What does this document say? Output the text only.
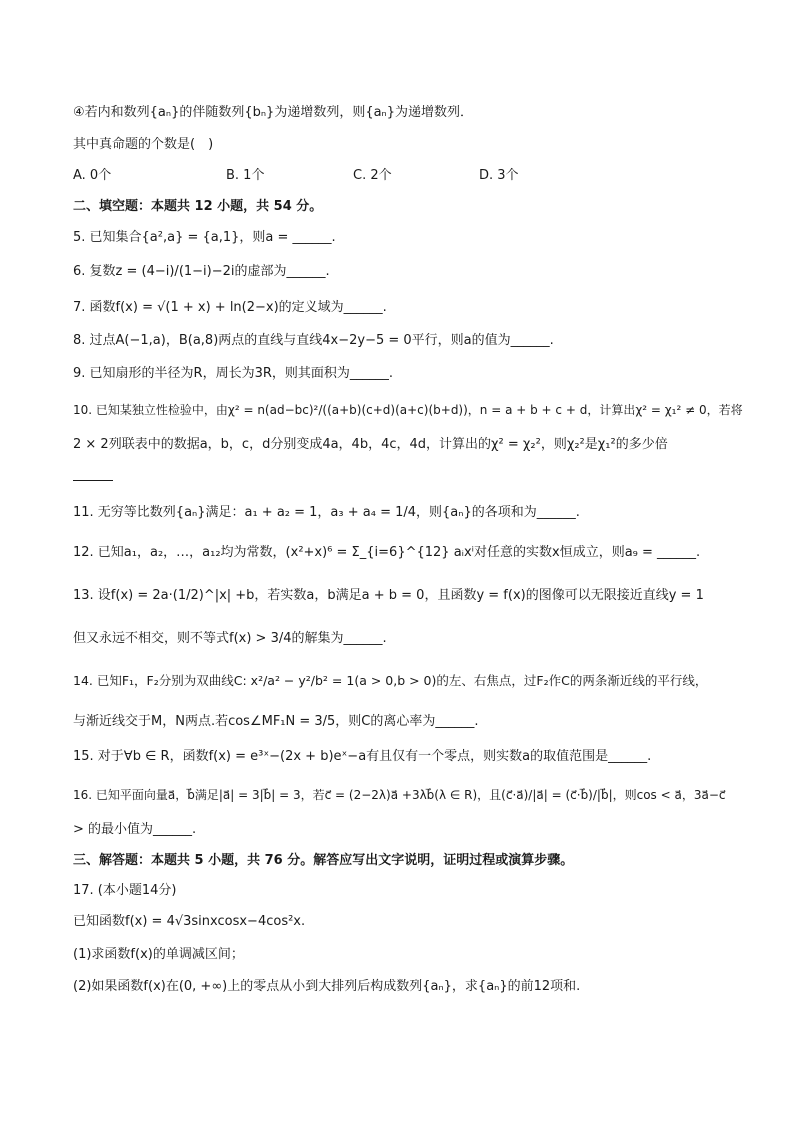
④若内和数列{aₙ}的伴随数列{bₙ}为递增数列，则{aₙ}为递增数列．
其中真命题的个数是(　)
A. 0个	B. 1个	C. 2个	D. 3个
二、填空题：本题共 12 小题，共 54 分。
5. 已知集合{a²,a} = {a,1}，则a = ______.
6. 复数z = (4−i)/(1−i)−2i的虚部为______.
7. 函数f(x) = √(1 + x) + ln(2−x)的定义域为______.
8. 过点A(−1,a)，B(a,8)两点的直线与直线4x−2y−5 = 0平行，则a的值为______.
9. 已知扇形的半径为R，周长为3R，则其面积为______.
10. 已知某独立性检验中，由χ² = n(ad−bc)²/((a+b)(c+d)(a+c)(b+d))，n = a + b + c + d，计算出χ² = χ₁² ≠ 0，若将
2 × 2列联表中的数据a，b，c，d分别变成4a，4b，4c，4d，计算出的χ² = χ₂²，则χ₂²是χ₁²的多少倍
11. 无穷等比数列{aₙ}满足：a₁ + a₂ = 1，a₃ + a₄ = 1/4，则{aₙ}的各项和为______.
12. 已知a₁，a₂，…，a₁₂均为常数，(x²+x)⁶ = Σ_{i=6}^{12} aᵢxⁱ对任意的实数x恒成立，则a₉ = ______.
13. 设f(x) = 2a·(1/2)^|x| +b，若实数a，b满足a + b = 0，且函数y = f(x)的图像可以无限接近直线y = 1
但又永远不相交，则不等式f(x) > 3/4的解集为______.
14. 已知F₁，F₂分别为双曲线C: x²/a² − y²/b² = 1(a > 0,b > 0)的左、右焦点，过F₂作C的两条渐近线的平行线，
与渐近线交于M，N两点.若cos∠MF₁N = 3/5，则C的离心率为______.
15. 对于∀b ∈ R，函数f(x) = e³ˣ−(2x + b)eˣ−a有且仅有一个零点，则实数a的取值范围是______.
16. 已知平面向量a⃗，b⃗满足|a⃗| = 3|b⃗| = 3，若c⃗ = (2−2λ)a⃗ +3λb⃗(λ ∈ R)，且(c⃗·a⃗)/|a⃗| = (c⃗·b⃗)/|b⃗|，则cos < a⃗，3a⃗−c⃗
> 的最小值为______.
三、解答题：本题共 5 小题，共 76 分。解答应写出文字说明，证明过程或演算步骤。
17. (本小题14分)
已知函数f(x) = 4√3sinxcosx−4cos²x.
(1)求函数f(x)的单调减区间；
(2)如果函数f(x)在(0, +∞)上的零点从小到大排列后构成数列{aₙ}，求{aₙ}的前12项和.
